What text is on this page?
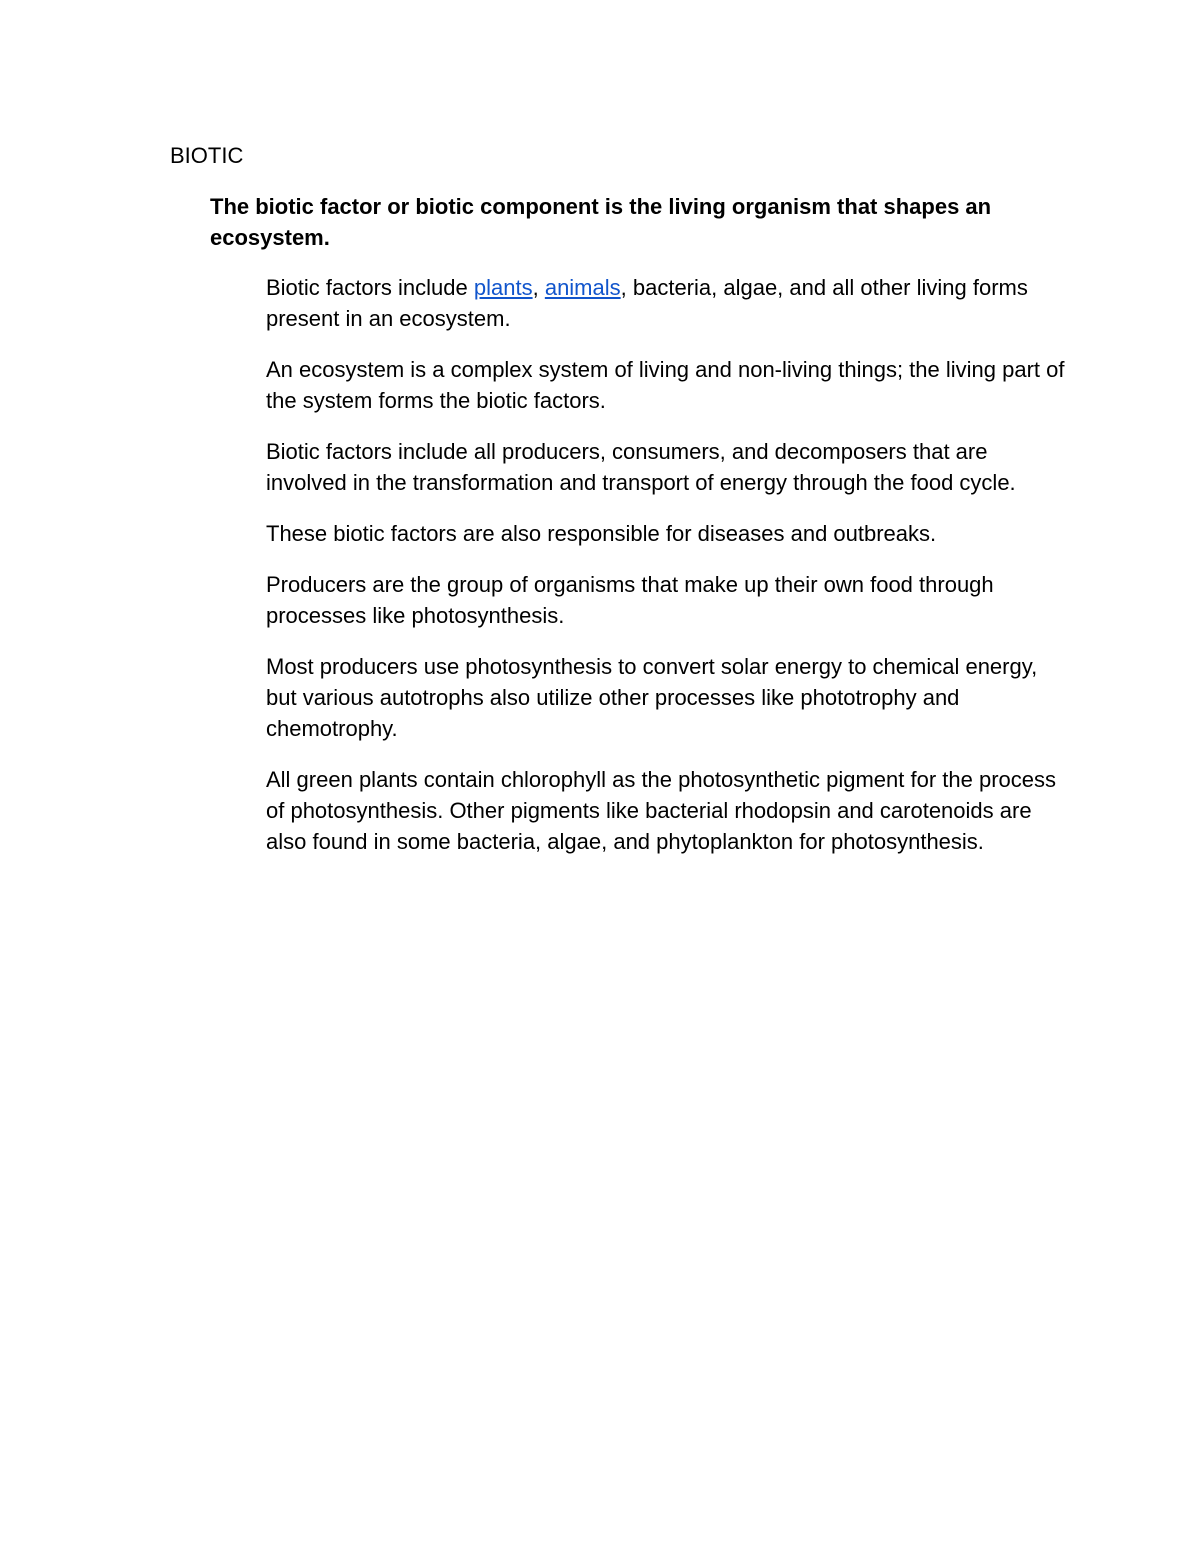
BIOTIC

The biotic factor or biotic component is the living organism that shapes an ecosystem.

Biotic factors include plants, animals, bacteria, algae, and all other living forms present in an ecosystem.

An ecosystem is a complex system of living and non-living things; the living part of the system forms the biotic factors.

Biotic factors include all producers, consumers, and decomposers that are involved in the transformation and transport of energy through the food cycle.

These biotic factors are also responsible for diseases and outbreaks.

Producers are the group of organisms that make up their own food through processes like photosynthesis.

Most producers use photosynthesis to convert solar energy to chemical energy, but various autotrophs also utilize other processes like phototrophy and chemotrophy.

All green plants contain chlorophyll as the photosynthetic pigment for the process of photosynthesis. Other pigments like bacterial rhodopsin and carotenoids are also found in some bacteria, algae, and phytoplankton for photosynthesis.
